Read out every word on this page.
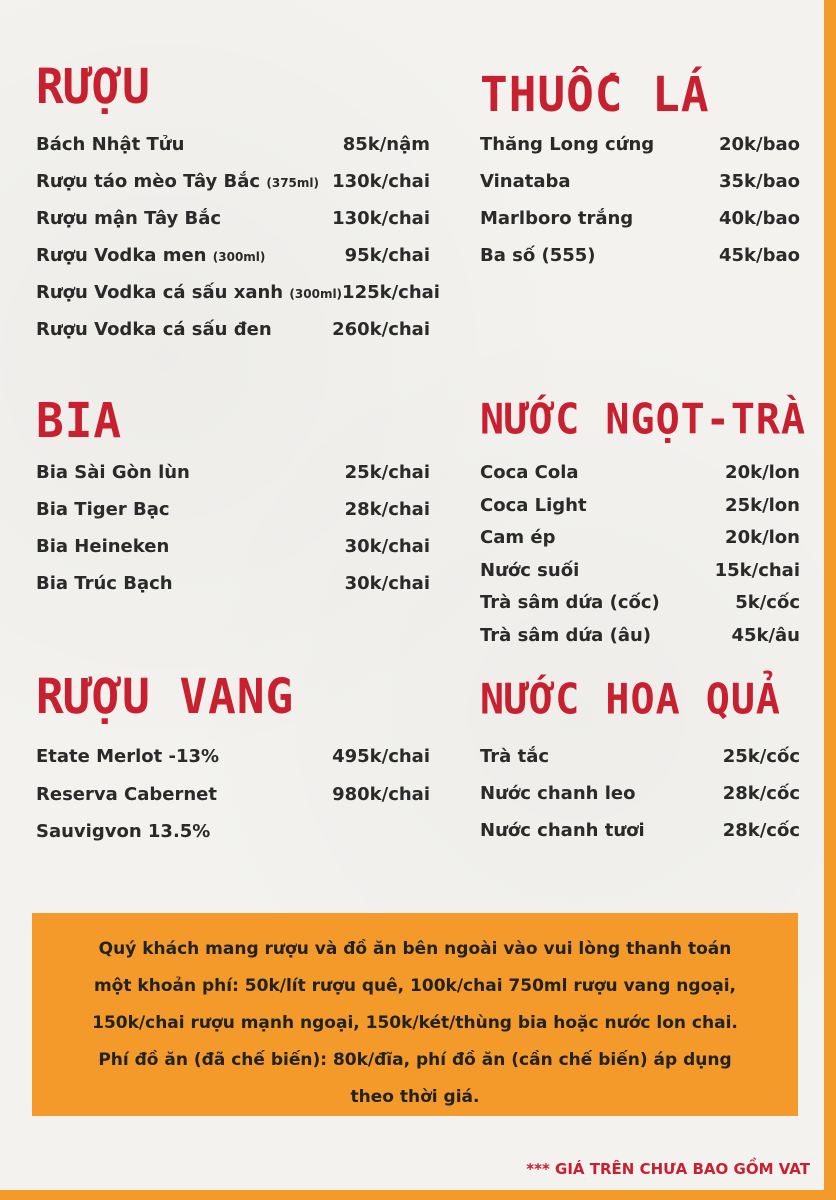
RƯỢU
Bách Nhật Tửu	85k/nậm
Rượu táo mèo Tây Bắc (375ml) 130k/chai
Rượu mận Tây Bắc	130k/chai
Rượu Vodka men (300ml)	95k/chai
Rượu Vodka cá sấu xanh (300ml) 125k/chai
Rượu Vodka cá sấu đen	260k/chai
THUỐC LÁ
Thăng Long cứng	20k/bao
Vinataba	35k/bao
Marlboro trắng	40k/bao
Ba số (555)	45k/bao
BIA
Bia Sài Gòn lùn	25k/chai
Bia Tiger Bạc	28k/chai
Bia Heineken	30k/chai
Bia Trúc Bạch	30k/chai
NƯỚC NGỌT-TRÀ
Coca Cola	20k/lon
Coca Light	25k/lon
Cam ép	20k/lon
Nước suối	15k/chai
Trà sâm dứa (cốc)	5k/cốc
Trà sâm dứa (âu)	45k/âu
RƯỢU VANG
Etate Merlot -13%	495k/chai
Reserva Cabernet	980k/chai
Sauvigvon 13.5%
NƯỚC HOA QUẢ
Trà tắc	25k/cốc
Nước chanh leo	28k/cốc
Nước chanh tươi	28k/cốc

Quý khách mang rượu và đồ ăn bên ngoài vào vui lòng thanh toán

một khoản phí: 50k/lít rượu quê, 100k/chai 750ml rượu vang ngoại,

150k/chai rượu mạnh ngoại, 150k/két/thùng bia hoặc nước lon chai.

Phí đồ ăn (đã chế biến): 80k/đĩa, phí đồ ăn (cần chế biến) áp dụng

theo thời giá.

*** GIÁ TRÊN CHƯA BAO GỒM VAT
